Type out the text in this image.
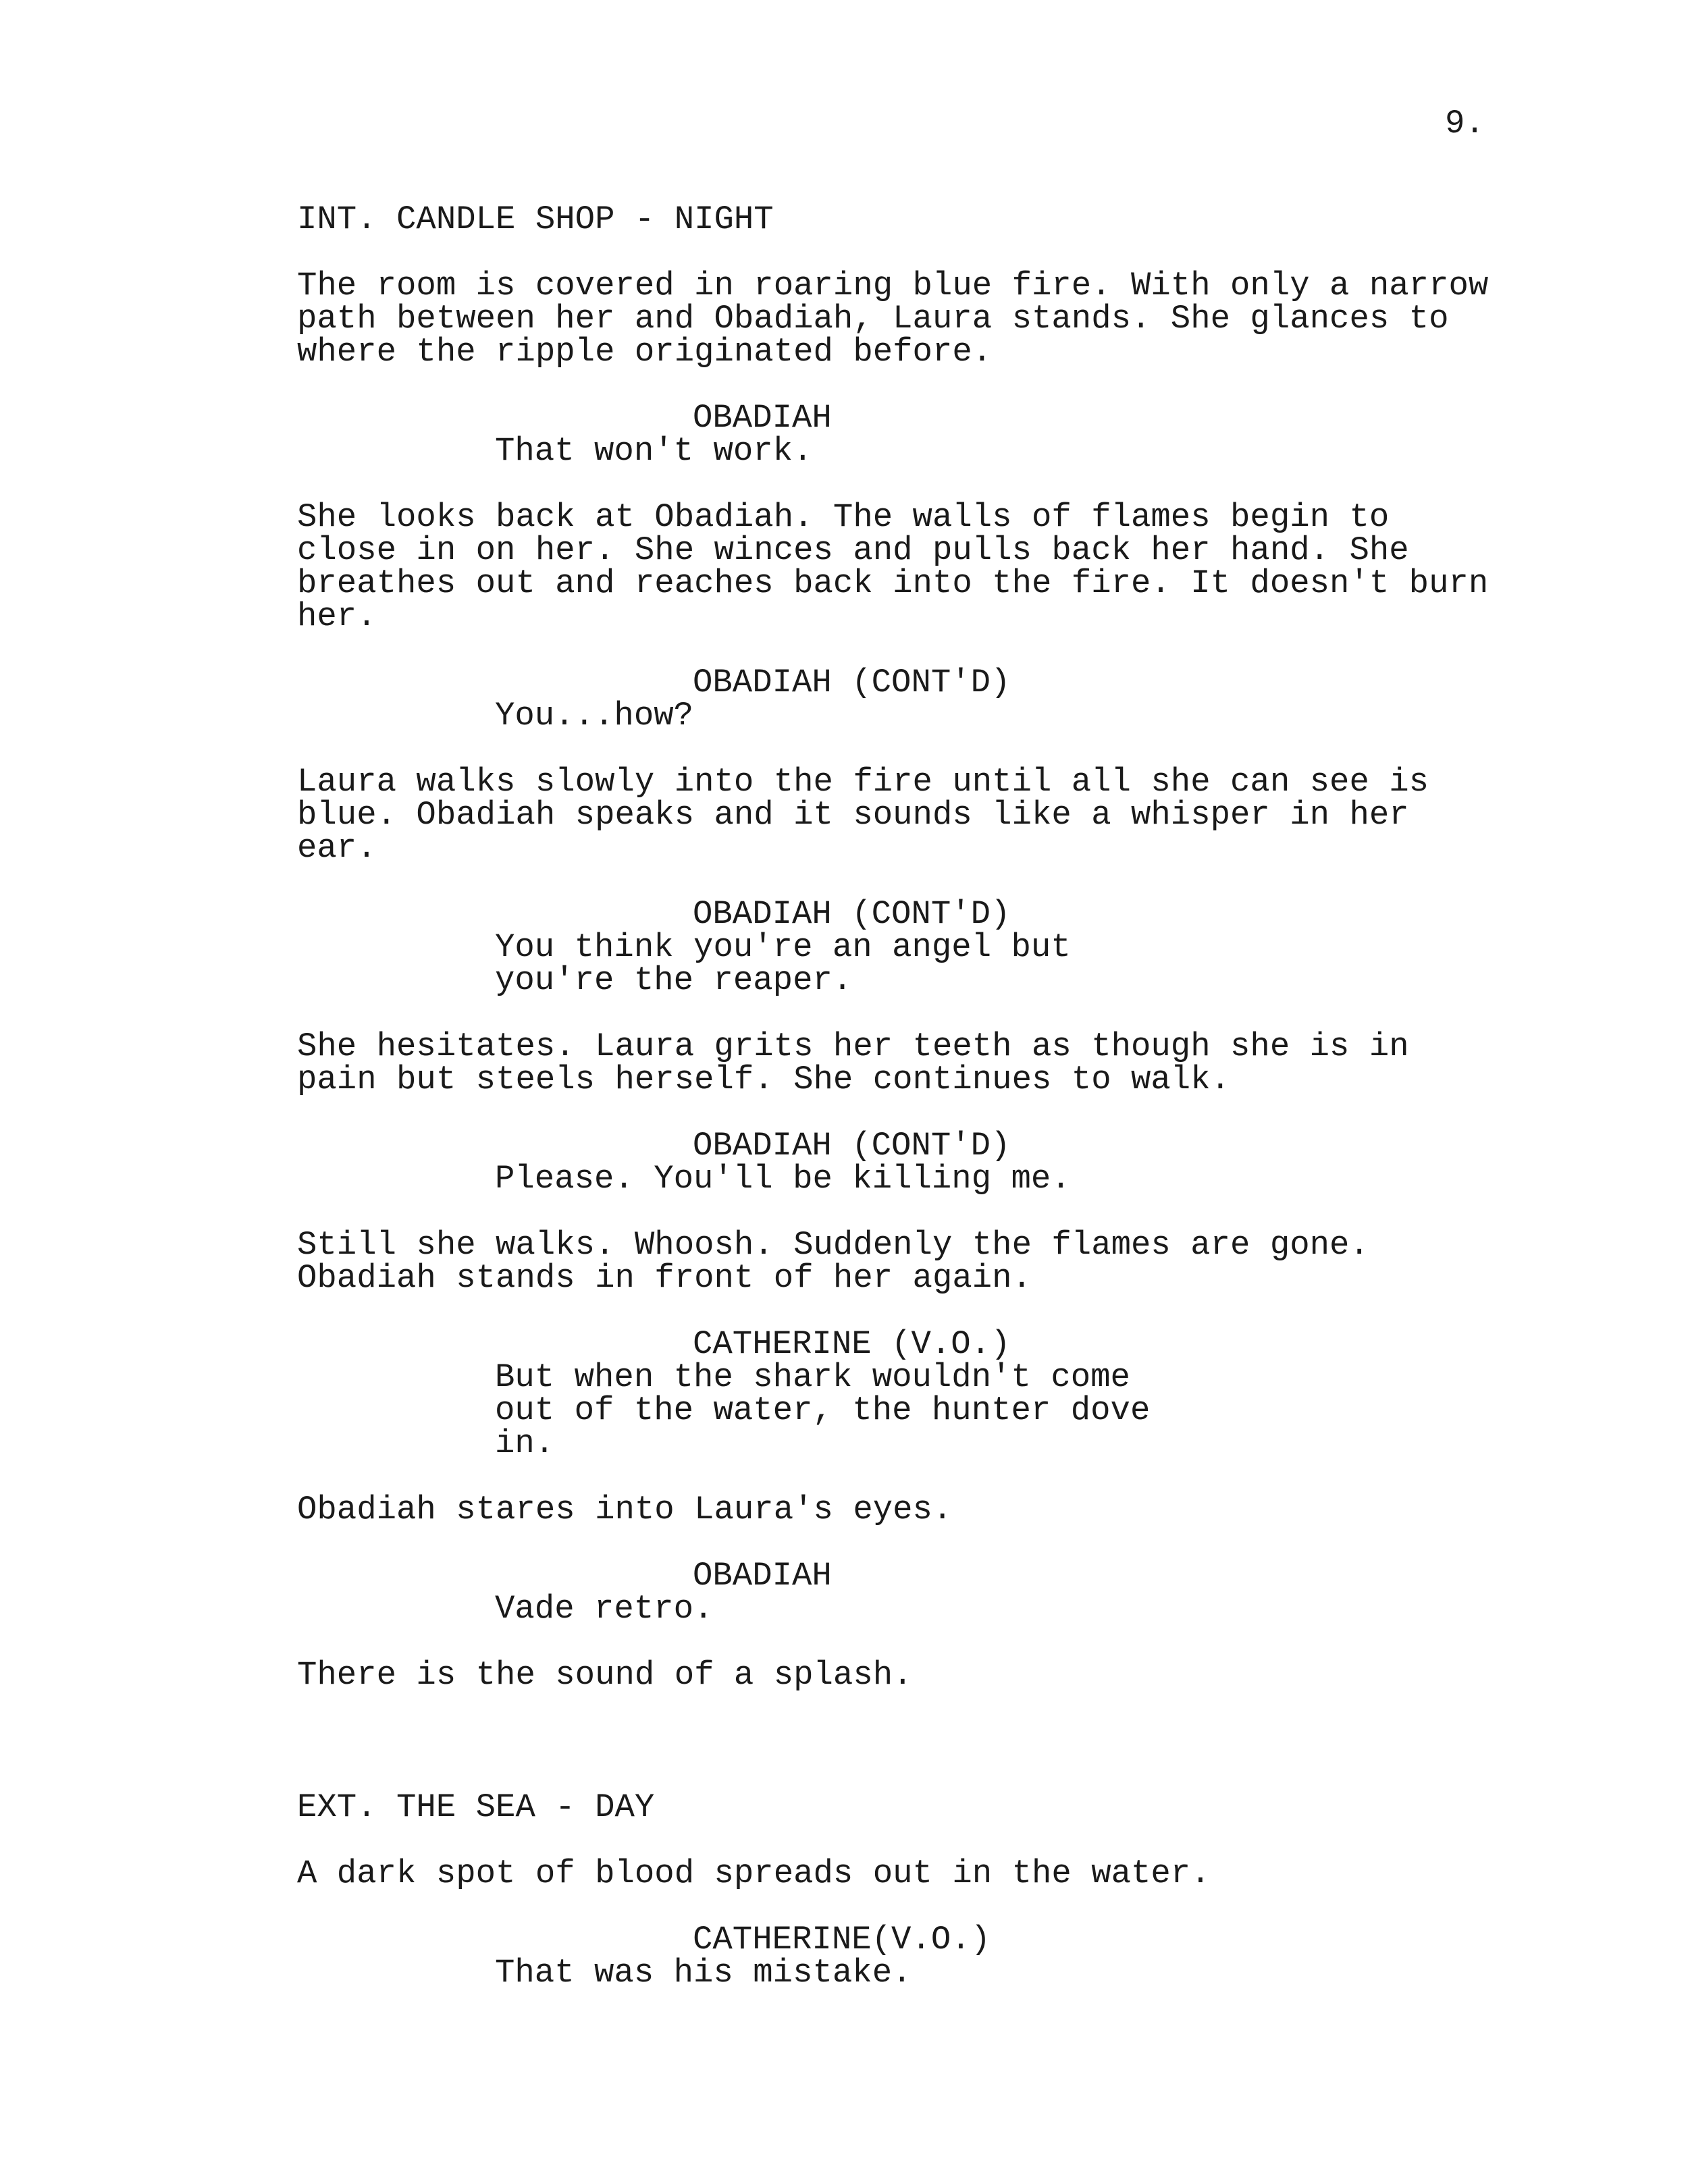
9.
INT. CANDLE SHOP - NIGHT
The room is covered in roaring blue fire. With only a narrow
path between her and Obadiah, Laura stands. She glances to
where the ripple originated before.
OBADIAH
That won't work.
She looks back at Obadiah. The walls of flames begin to
close in on her. She winces and pulls back her hand. She
breathes out and reaches back into the fire. It doesn't burn
her.
OBADIAH (CONT'D)
You...how?
Laura walks slowly into the fire until all she can see is
blue. Obadiah speaks and it sounds like a whisper in her
ear.
OBADIAH (CONT'D)
You think you're an angel but
you're the reaper.
She hesitates. Laura grits her teeth as though she is in
pain but steels herself. She continues to walk.
OBADIAH (CONT'D)
Please. You'll be killing me.
Still she walks. Whoosh. Suddenly the flames are gone.
Obadiah stands in front of her again.
CATHERINE (V.O.)
But when the shark wouldn't come
out of the water, the hunter dove
in.
Obadiah stares into Laura's eyes.
OBADIAH
Vade retro.
There is the sound of a splash.
EXT. THE SEA - DAY
A dark spot of blood spreads out in the water.
CATHERINE(V.O.)
That was his mistake.
